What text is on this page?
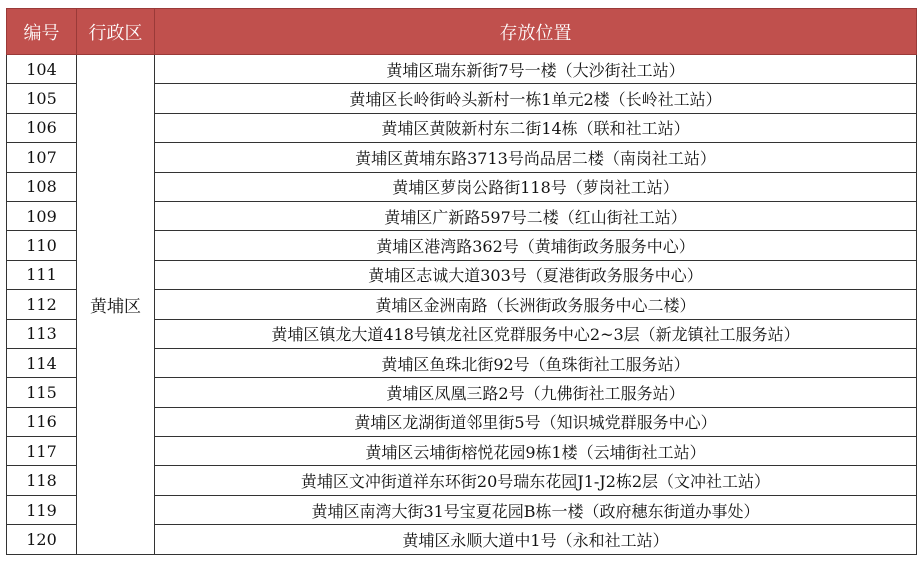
编号	行政区	存放位置
104	黄埔区	黄埔区瑞东新街7号一楼（大沙街社工站）
105		黄埔区长岭街岭头新村一栋1单元2楼（长岭社工站）
106		黄埔区黄陂新村东二街14栋（联和社工站）
107		黄埔区黄埔东路3713号尚品居二楼（南岗社工站）
108		黄埔区萝岗公路街118号（萝岗社工站）
109		黄埔区广新路597号二楼（红山街社工站）
110		黄埔区港湾路362号（黄埔街政务服务中心）
111		黄埔区志诚大道303号（夏港街政务服务中心）
112		黄埔区金洲南路（长洲街政务服务中心二楼）
113		黄埔区镇龙大道418号镇龙社区党群服务中心2~3层（新龙镇社工服务站）
114		黄埔区鱼珠北街92号（鱼珠街社工服务站）
115		黄埔区凤凰三路2号（九佛街社工服务站）
116		黄埔区龙湖街道邻里街5号（知识城党群服务中心）
117		黄埔区云埔街榕悦花园9栋1楼（云埔街社工站）
118		黄埔区文冲街道祥东环街20号瑞东花园J1-J2栋2层（文冲社工站）
119		黄埔区南湾大街31号宝夏花园B栋一楼（政府穗东街道办事处）
120		黄埔区永顺大道中1号（永和社工站）
